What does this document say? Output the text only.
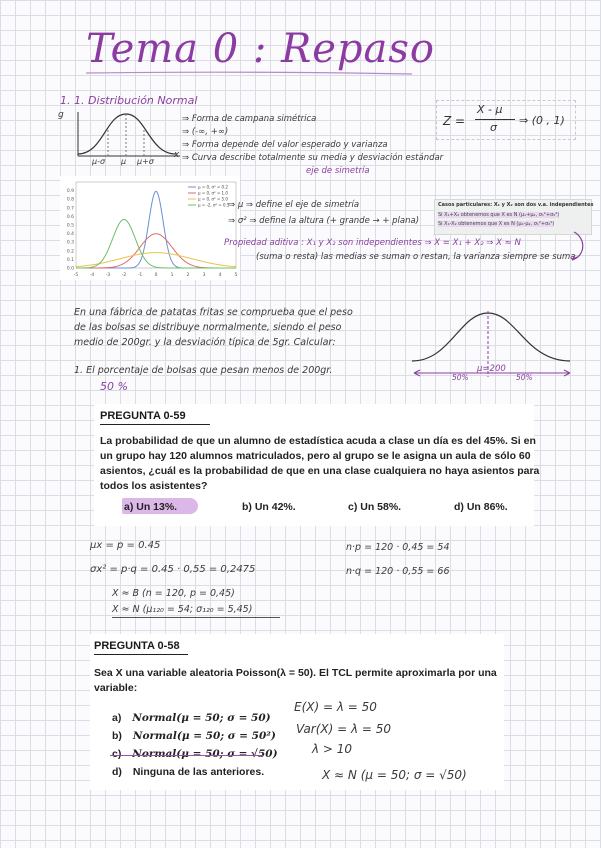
Tema 0 : Repaso
1. 1. Distribución Normal
g
x
μ-σ μ μ+σ
⇒ Forma de campana simétrica
⇒ (-∞, +∞)
⇒ Forma depende del valor esperado y varianza
⇒ Curva describe totalmente su media y desviación estándar
eje de simetría
Z =
X - μ
σ
⇒ (0 , 1)
-5	-4	-3	-2	-1	0	1	2	3	4	5
0.0
0.1
0.2
0.3
0.4
0.5
0.6
0.7
0.8
0.9
μ = 0, σ² = 0.2
μ = 0, σ² = 1.0
μ = 0, σ² = 5.0
μ = -2, σ² = 0.5
⇒ μ ⇒ define el eje de simetría
⇒ σ² ⇒ define la altura (+ grande → + plana)
Casos particulares: X₁ y X₂ son dos v.a. independientes
Si X₁+X₂ obtenemos que X es N (μ₁+μ₂, σ₁²+σ₂²)
Si X₁-X₂ obtenemos que X es N (μ₁-μ₂, σ₁²+σ₂²)
Propiedad aditiva : X₁ y X₂ son independientes ⇒ X = X₁ + X₂ ⇒ X ≈ N
(suma o resta) las medias se suman o restan, la varianza siempre se suma
En una fábrica de patatas fritas se comprueba que el peso
de las bolsas se distribuye normalmente, siendo el peso
medio de 200gr. y la desviación típica de 5gr. Calcular:
1. El porcentaje de bolsas que pesan menos de 200gr.
50 %
μ=200
50%	50%
PREGUNTA 0-59
La probabilidad de que un alumno de estadística acuda a clase un día es del 45%. Si en
un grupo hay 120 alumnos matriculados, pero al grupo se le asigna un aula de sólo 60
asientos, ¿cuál es la probabilidad de que en una clase cualquiera no haya asientos para
todos los asistentes?
a) Un 13%.	b) Un 42%.	c) Un 58%.	d) Un 86%.
μx = p = 0.45
σx² = p·q = 0.45 · 0,55 = 0,2475
X ≈ B (n = 120, p = 0,45)
X ≈ N (μ₁₂₀ = 54; σ₁₂₀ = 5,45)
n·p = 120 · 0,45 = 54
n·q = 120 · 0,55 = 66
PREGUNTA 0-58
Sea X una variable aleatoria Poisson(λ = 50). El TCL permite aproximarla por una
variable:
a) Normal(μ = 50; σ = 50)
b) Normal(μ = 50; σ = 50²)
c) Normal(μ = 50; σ = √50)
d) Ninguna de las anteriores.
E(X) = λ = 50
Var(X) = λ = 50
λ > 10
X ≈ N (μ = 50; σ = √50)
